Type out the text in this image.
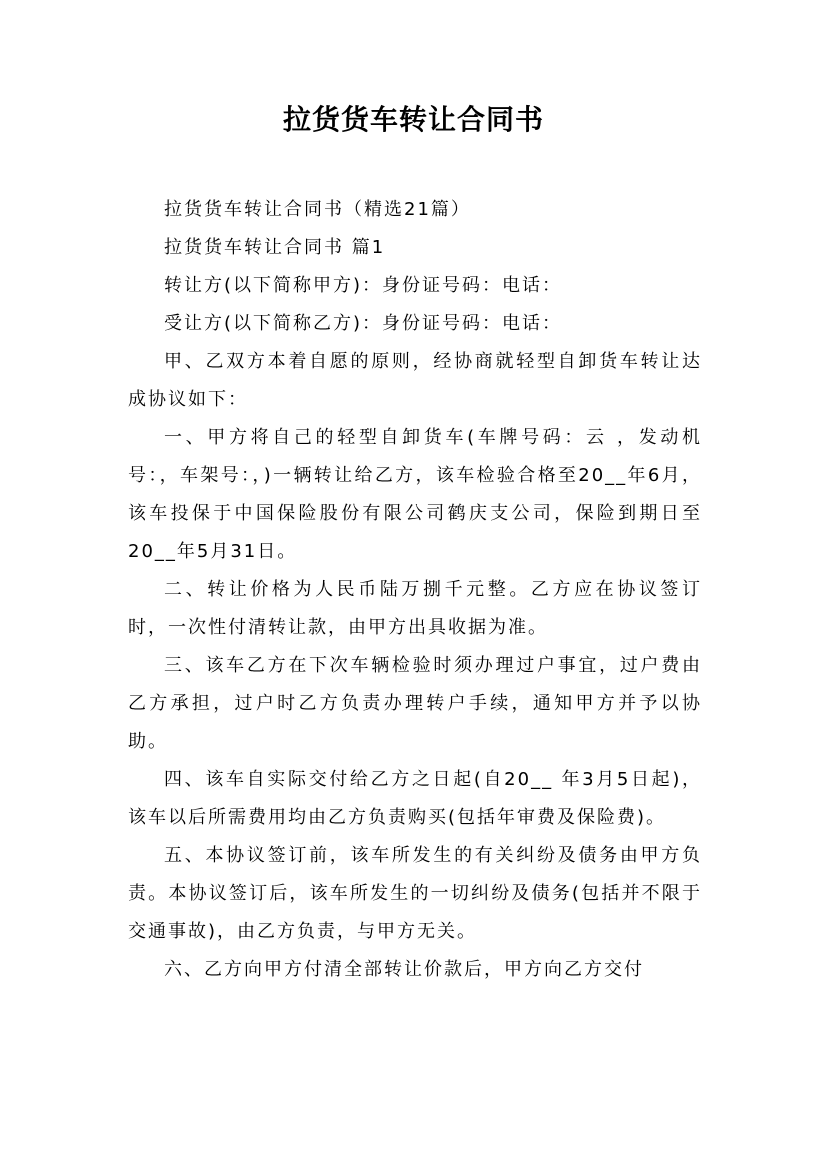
拉货货车转让合同书

拉货货车转让合同书（精选21篇）

拉货货车转让合同书 篇1

转让方(以下简称甲方)：身份证号码：电话：

受让方(以下简称乙方)：身份证号码：电话：

甲、乙双方本着自愿的原则，经协商就轻型自卸货车转让达成协议如下：

一、甲方将自己的轻型自卸货车(车牌号码：云 ，发动机号：，车架号：，)一辆转让给乙方，该车检验合格至20__年6月，该车投保于中国保险股份有限公司鹤庆支公司，保险到期日至20__年5月31日。

二、转让价格为人民币陆万捌千元整。乙方应在协议签订时，一次性付清转让款，由甲方出具收据为准。

三、该车乙方在下次车辆检验时须办理过户事宜，过户费由乙方承担，过户时乙方负责办理转户手续，通知甲方并予以协助。

四、该车自实际交付给乙方之日起(自20__ 年3月5日起)，该车以后所需费用均由乙方负责购买(包括年审费及保险费)。

五、本协议签订前，该车所发生的有关纠纷及债务由甲方负责。本协议签订后，该车所发生的一切纠纷及债务(包括并不限于交通事故)，由乙方负责，与甲方无关。

六、乙方向甲方付清全部转让价款后，甲方向乙方交付
